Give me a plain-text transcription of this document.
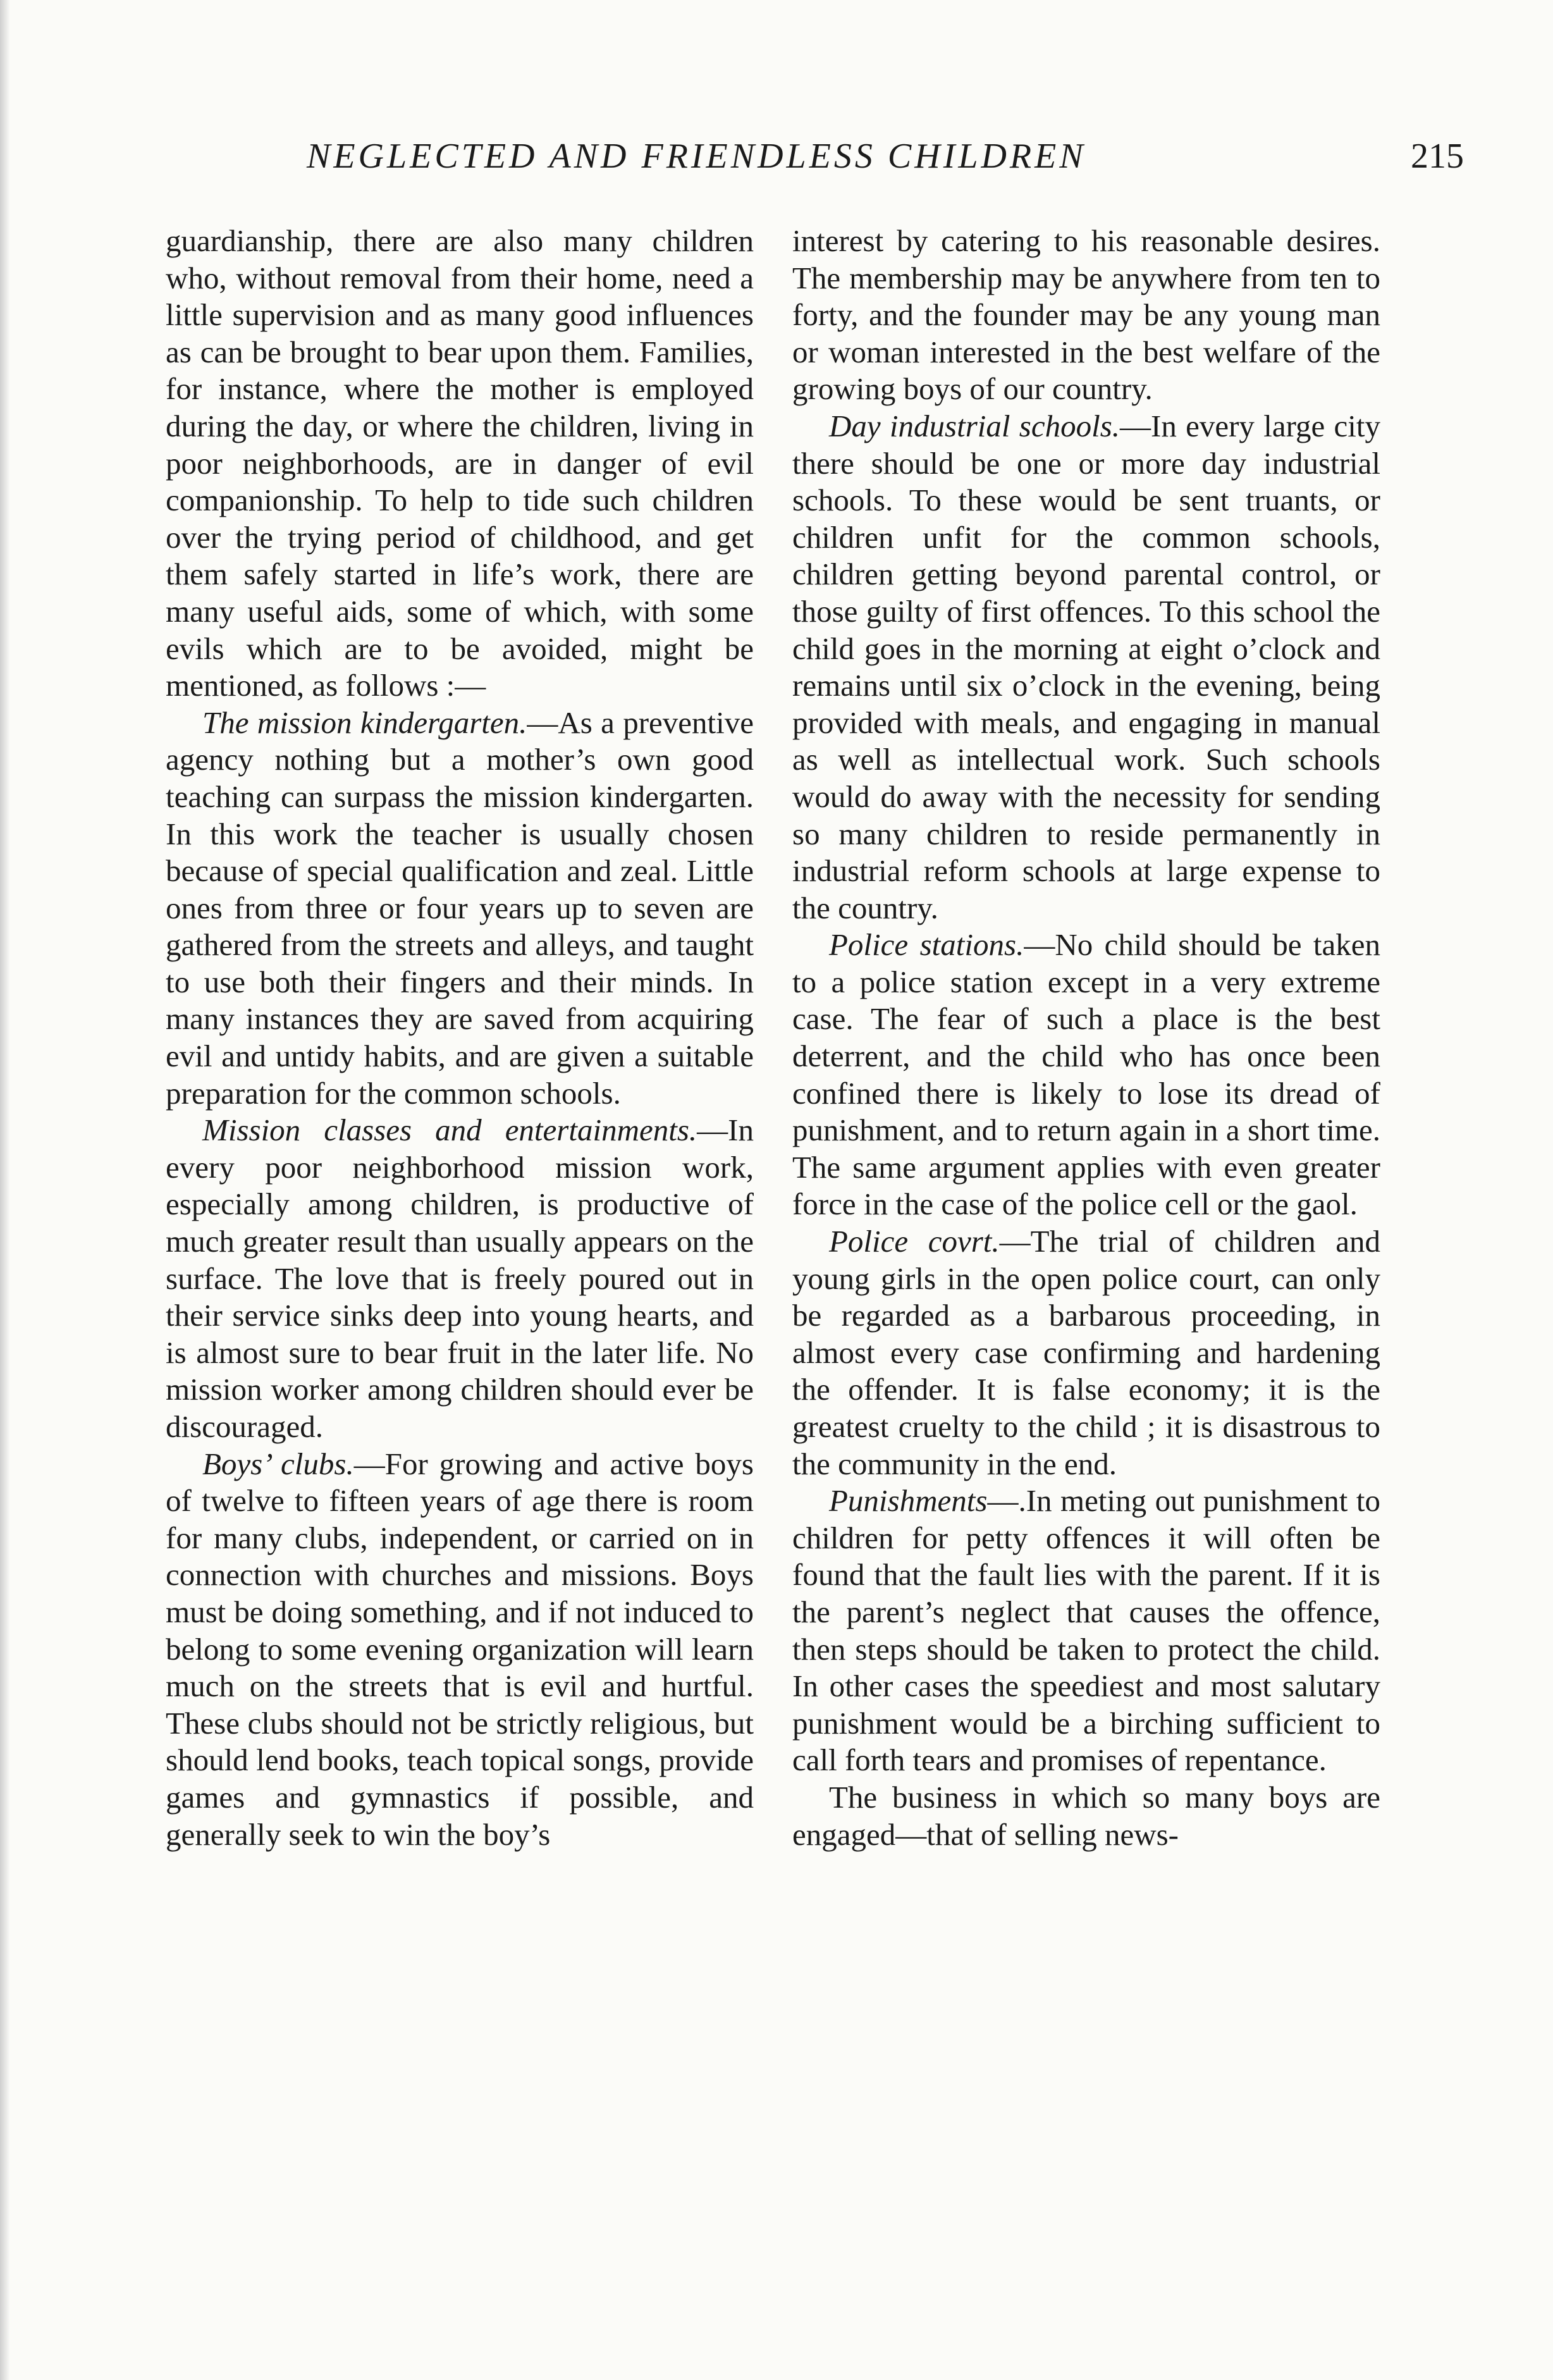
NEGLECTED AND FRIENDLESS CHILDREN	215

guardianship, there are also many children who, without removal from their home, need a little supervision and as many good influences as can be brought to bear upon them. Families, for instance, where the mother is employed during the day, or where the children, living in poor neighborhoods, are in danger of evil companionship. To help to tide such children over the trying period of childhood, and get them safely started in life’s work, there are many useful aids, some of which, with some evils which are to be avoided, might be mentioned, as follows :—

The mission kindergarten.—As a preventive agency nothing but a mother’s own good teaching can surpass the mission kindergarten. In this work the teacher is usually chosen because of special qualification and zeal. Little ones from three or four years up to seven are gathered from the streets and alleys, and taught to use both their fingers and their minds. In many instances they are saved from acquiring evil and untidy habits, and are given a suitable preparation for the common schools.

Mission classes and entertainments.—In every poor neighborhood mission work, especially among children, is productive of much greater result than usually appears on the surface. The love that is freely poured out in their service sinks deep into young hearts, and is almost sure to bear fruit in the later life. No mission worker among children should ever be discouraged.

Boys’ clubs.—For growing and active boys of twelve to fifteen years of age there is room for many clubs, independent, or carried on in connection with churches and missions. Boys must be doing something, and if not induced to belong to some evening organization will learn much on the streets that is evil and hurtful. These clubs should not be strictly religious, but should lend books, teach topical songs, provide games and gymnastics if possible, and generally seek to win the boy’s

interest by catering to his reasonable desires. The membership may be anywhere from ten to forty, and the founder may be any young man or woman interested in the best welfare of the growing boys of our country.

Day industrial schools.—In every large city there should be one or more day industrial schools. To these would be sent truants, or children unfit for the common schools, children getting beyond parental control, or those guilty of first offences. To this school the child goes in the morning at eight o’clock and remains until six o’clock in the evening, being provided with meals, and engaging in manual as well as intellectual work. Such schools would do away with the necessity for sending so many children to reside permanently in industrial reform schools at large expense to the country.

Police stations.—No child should be taken to a police station except in a very extreme case. The fear of such a place is the best deterrent, and the child who has once been confined there is likely to lose its dread of punishment, and to return again in a short time. The same argument applies with even greater force in the case of the police cell or the gaol.

Police covrt.—The trial of children and young girls in the open police court, can only be regarded as a barbarous proceeding, in almost every case confirming and hardening the offender. It is false economy; it is the greatest cruelty to the child ; it is disastrous to the community in the end.

Punishments—.In meting out punishment to children for petty offences it will often be found that the fault lies with the parent. If it is the parent’s neglect that causes the offence, then steps should be taken to protect the child. In other cases the speediest and most salutary punishment would be a birching sufficient to call forth tears and promises of repentance.

The business in which so many boys are engaged—that of selling news-
